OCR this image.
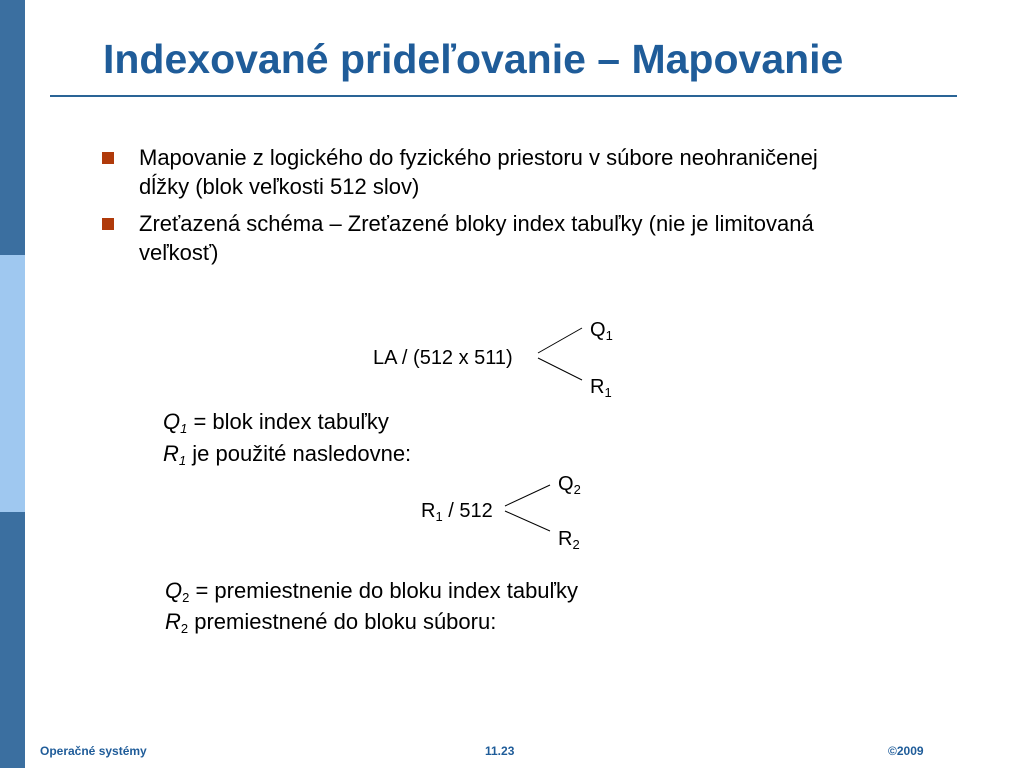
Indexované prideľovanie – Mapovanie
Mapovanie z logického do fyzického priestoru v súbore neohraničenej dĺžky (blok veľkosti 512 slov)
Zreťazená schéma – Zreťazené bloky index tabuľky (nie je limitovaná veľkosť)
LA / (512 x 511)
$Q_1$
$R_1$
$Q_1$ = blok index tabuľky
$R_1$ je použité nasledovne:
$R_1 / 512$
$Q_2$
$R_2$
$Q_2$ = premiestnenie do bloku index tabuľky
$R_2$ premiestnené do bloku súboru:
Operačné systémy	11.23	©2009
